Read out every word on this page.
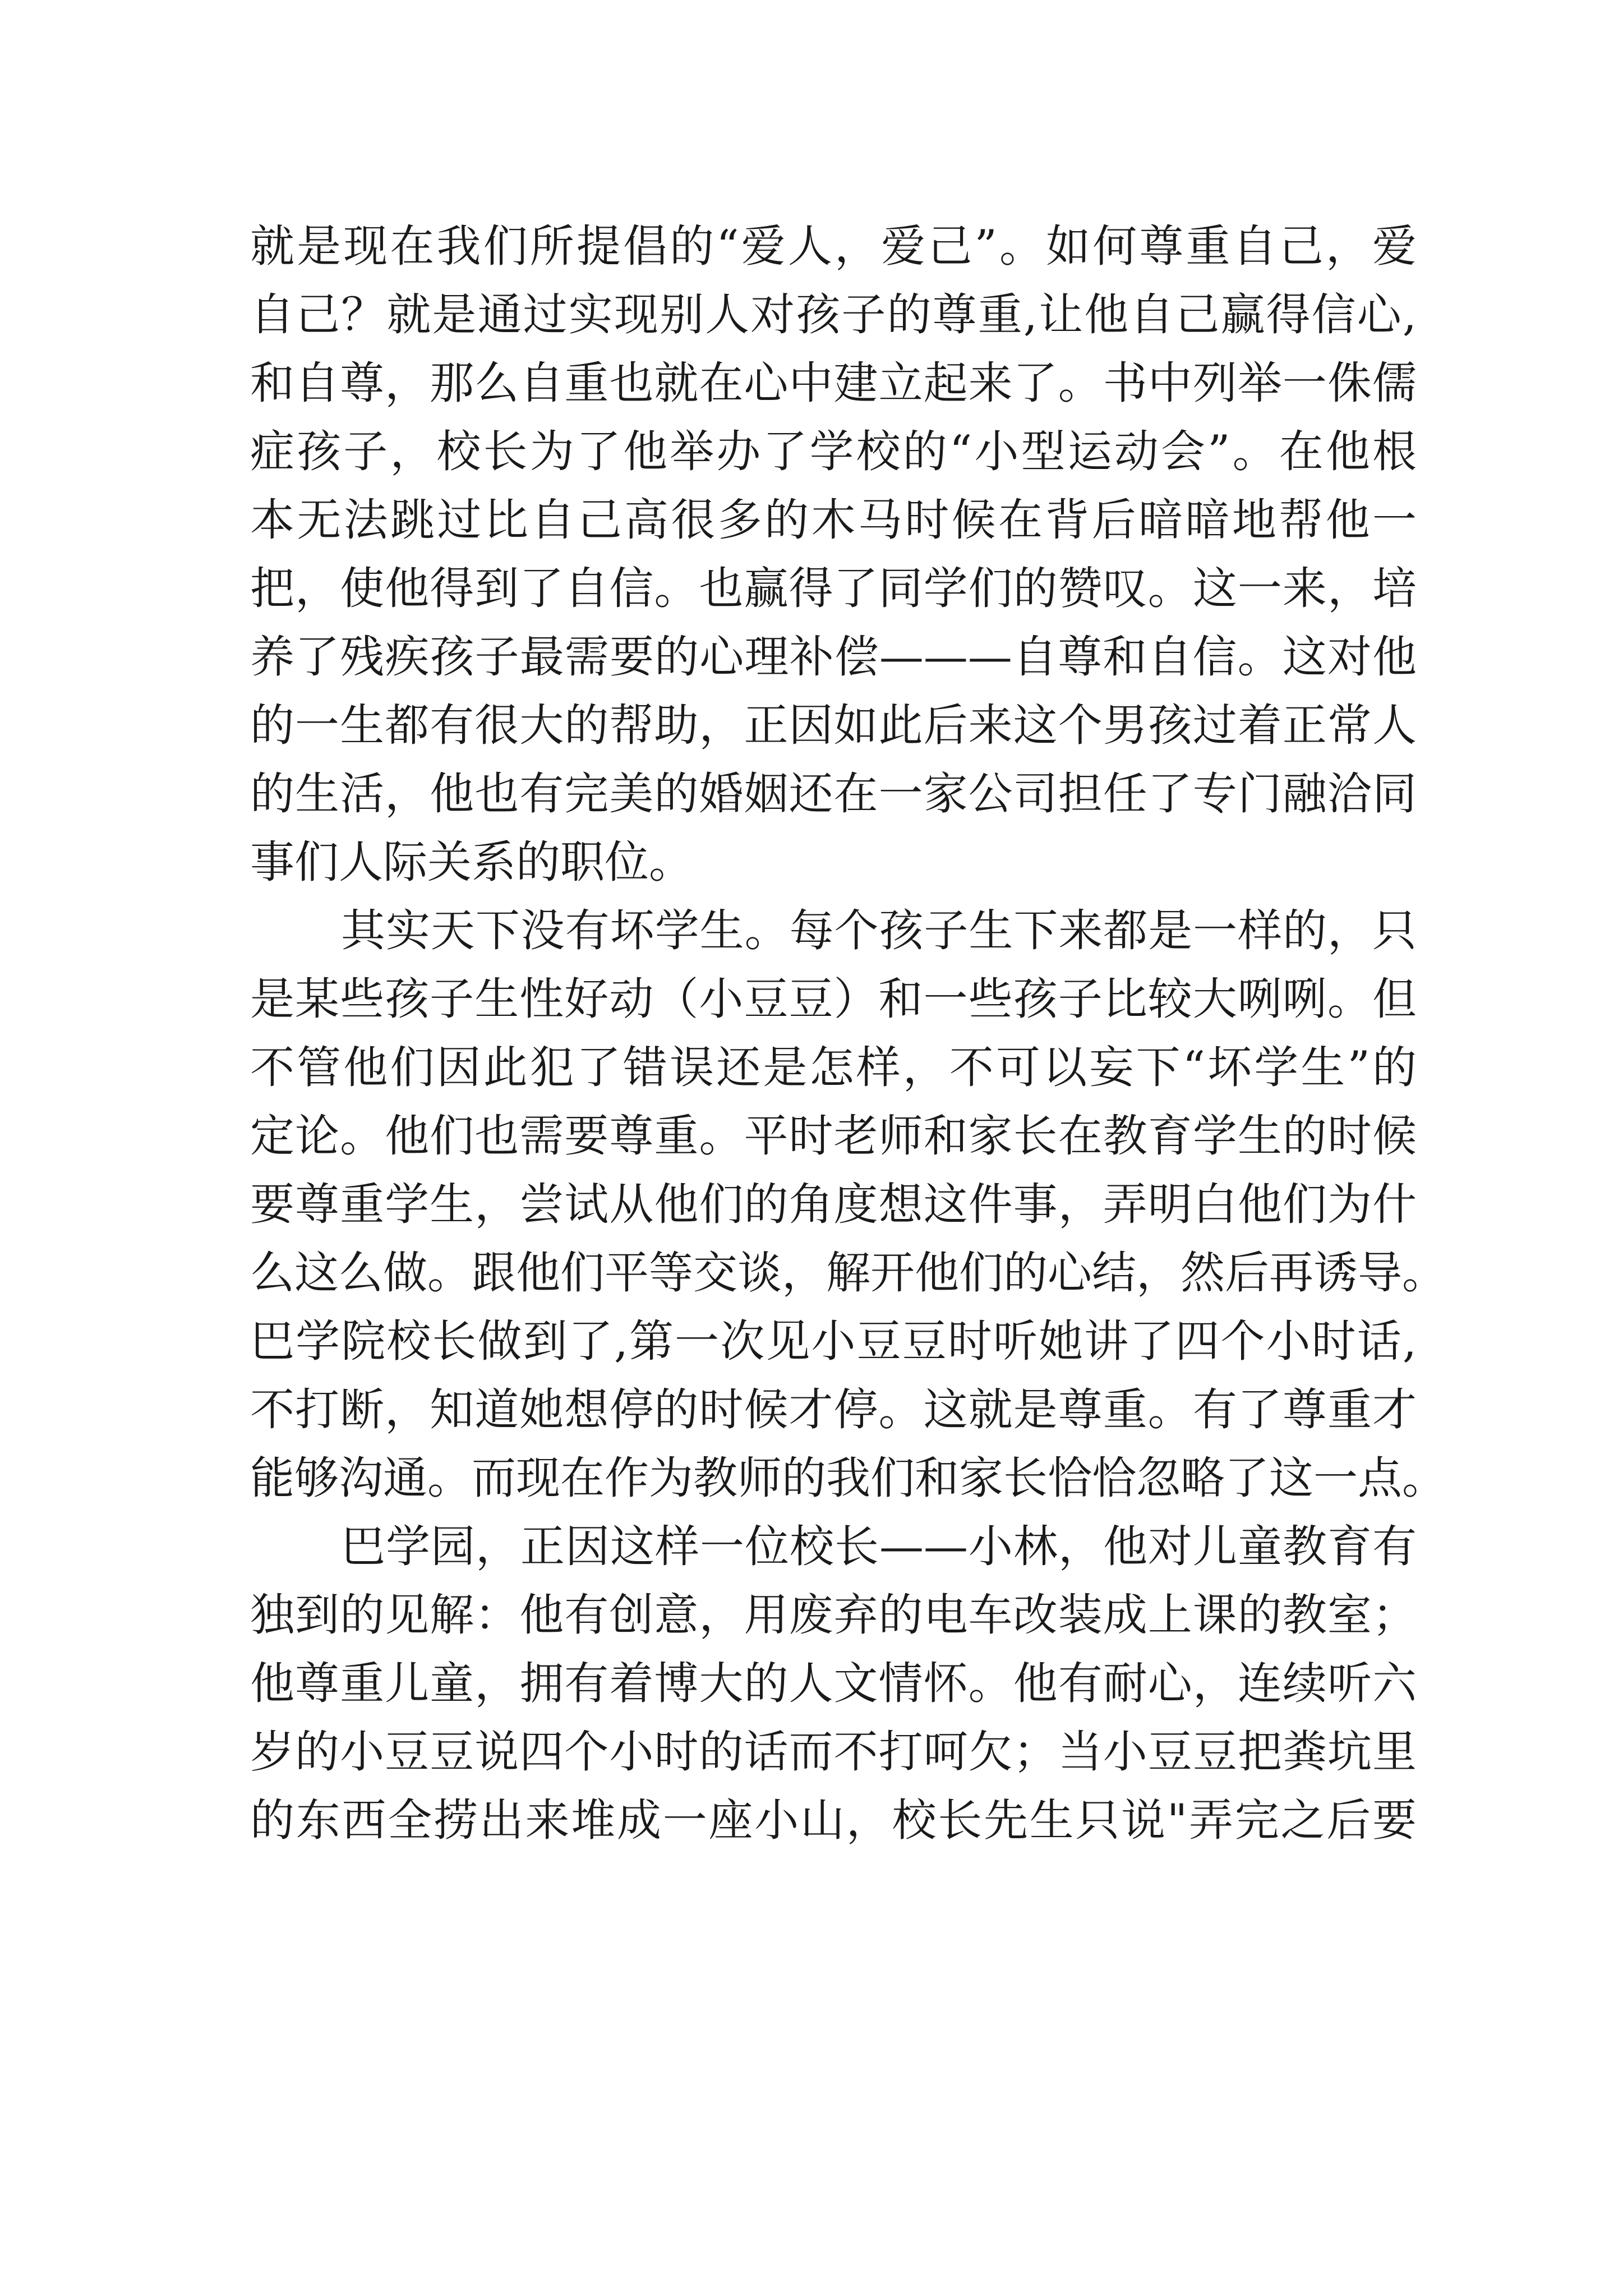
就是现在我们所提倡的“爱人，爱己”。如何尊重自己，爱
自己？就是通过实现别人对孩子的尊重,让他自己赢得信心,
和自尊，那么自重也就在心中建立起来了。书中列举一侏儒
症孩子，校长为了他举办了学校的“小型运动会”。在他根
本无法跳过比自己高很多的木马时候在背后暗暗地帮他一
把，使他得到了自信。也赢得了同学们的赞叹。这一来，培
养了残疾孩子最需要的心理补偿———自尊和自信。这对他
的一生都有很大的帮助，正因如此后来这个男孩过着正常人
的生活，他也有完美的婚姻还在一家公司担任了专门融洽同
事们人际关系的职位。
其实天下没有坏学生。每个孩子生下来都是一样的，只
是某些孩子生性好动（小豆豆）和一些孩子比较大咧咧。但
不管他们因此犯了错误还是怎样，不可以妄下“坏学生”的
定论。他们也需要尊重。平时老师和家长在教育学生的时候
要尊重学生，尝试从他们的角度想这件事，弄明白他们为什
么这么做。跟他们平等交谈，解开他们的心结，然后再诱导。
巴学院校长做到了,第一次见小豆豆时听她讲了四个小时话,
不打断，知道她想停的时候才停。这就是尊重。有了尊重才
能够沟通。而现在作为教师的我们和家长恰恰忽略了这一点。
巴学园，正因这样一位校长——小林，他对儿童教育有
独到的见解：他有创意，用废弃的电车改装成上课的教室；
他尊重儿童，拥有着博大的人文情怀。他有耐心，连续听六
岁的小豆豆说四个小时的话而不打呵欠；当小豆豆把粪坑里
的东西全捞出来堆成一座小山，校长先生只说"弄完之后要
